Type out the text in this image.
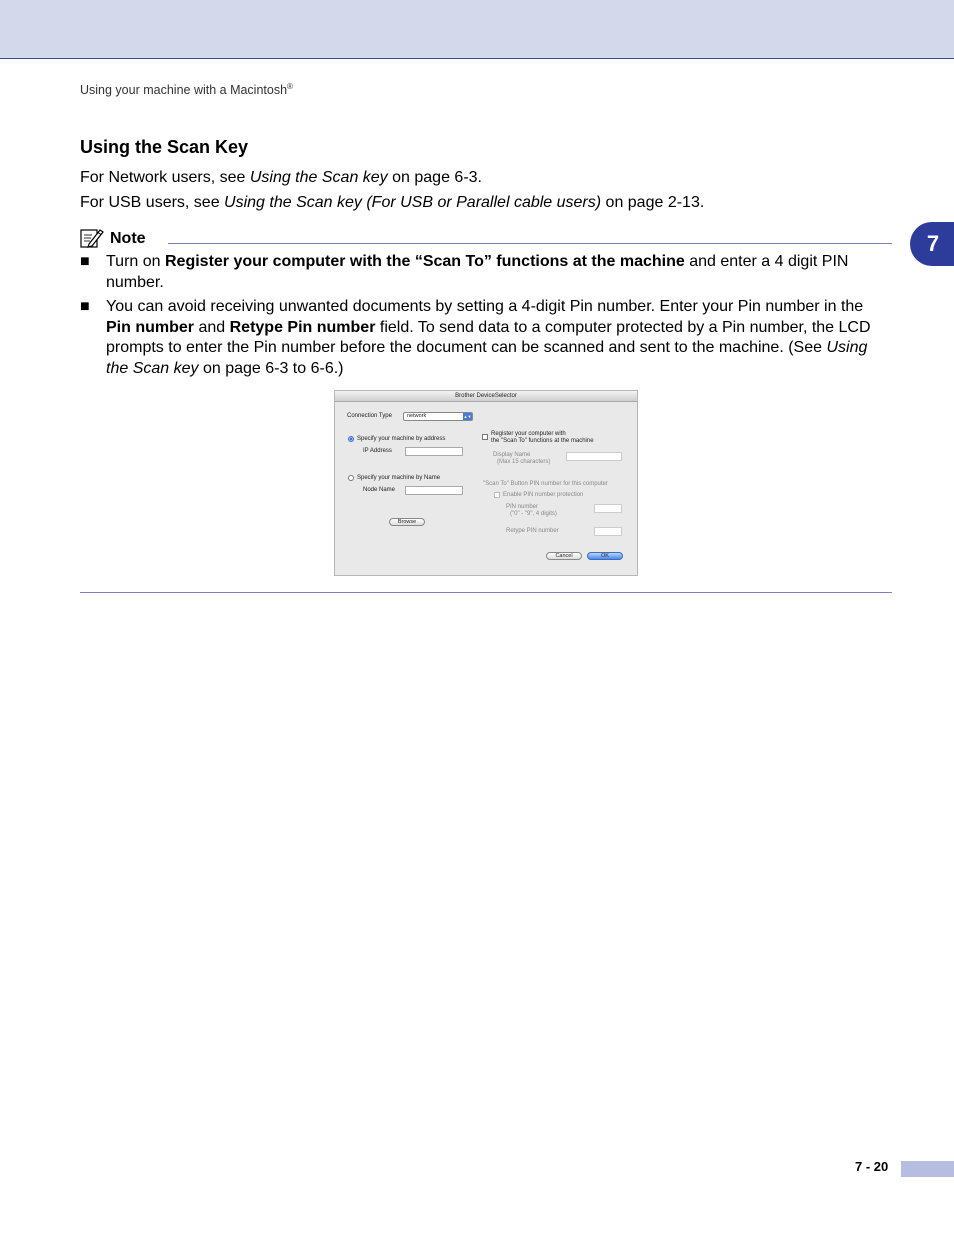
Using your machine with a Macintosh®
7
Using the Scan Key
For Network users, see Using the Scan key on page 6-3.
For USB users, see Using the Scan key (For USB or Parallel cable users) on page 2-13.
Note
■ Turn on Register your computer with the “Scan To” functions at the machine and enter a 4 digit PIN number.
■ You can avoid receiving unwanted documents by setting a 4-digit Pin number. Enter your Pin number in the Pin number and Retype Pin number field. To send data to a computer protected by a Pin number, the LCD prompts to enter the Pin number before the document can be scanned and sent to the machine. (See Using the Scan key on page 6-3 to 6-6.)
Brother DeviceSelector
Connection Type	network	▲▼
Specify your machine by address
IP Address
Specify your machine by Name
Node Name
Browse
Register your computer with
the "Scan To" functions at the machine
Display Name
(Max 15 characters)
"Scan To" Button PIN number for this computer
Enable PIN number protection
PIN number
("0" - "9", 4 digits)
Retype PIN number
Cancel	OK
7 - 20
